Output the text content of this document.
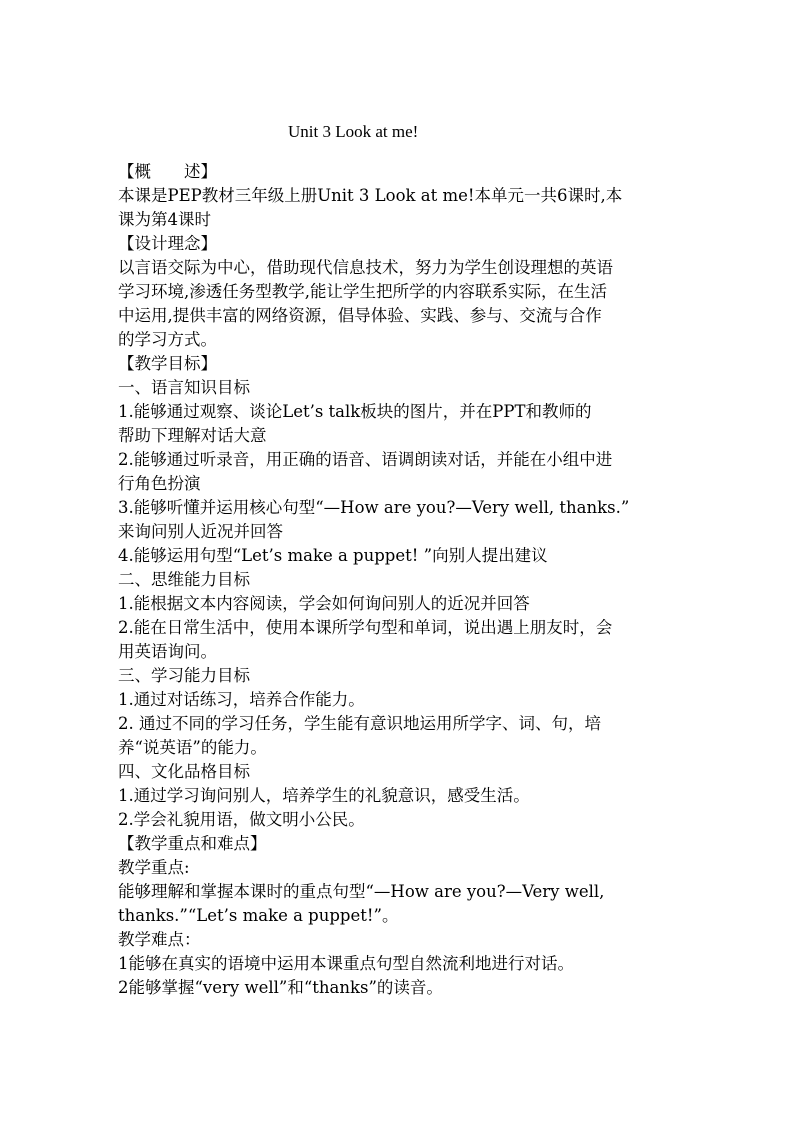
Unit 3 Look at me!

【概　　述】

本课是PEP教材三年级上册Unit 3 Look at me!本单元一共6课时,本

课为第4课时

【设计理念】

以言语交际为中心，借助现代信息技术，努力为学生创设理想的英语

学习环境,渗透任务型教学,能让学生把所学的内容联系实际，在生活

中运用,提供丰富的网络资源，倡导体验、实践、参与、交流与合作

的学习方式。

【教学目标】

一、语言知识目标

1.能够通过观察、谈论Let’s talk板块的图片，并在PPT和教师的

帮助下理解对话大意

2.能够通过听录音，用正确的语音、语调朗读对话，并能在小组中进

行角色扮演

3.能够听懂并运用核心句型“—How are you?—Very well, thanks.”

来询问别人近况并回答

4.能够运用句型“Let’s make a puppet! ”向别人提出建议

二、思维能力目标

1.能根据文本内容阅读，学会如何询问别人的近况并回答

2.能在日常生活中，使用本课所学句型和单词，说出遇上朋友时，会

用英语询问。

三、学习能力目标

1.通过对话练习，培养合作能力。

2. 通过不同的学习任务，学生能有意识地运用所学字、词、句，培

养“说英语”的能力。

四、文化品格目标

1.通过学习询问别人，培养学生的礼貌意识，感受生活。

2.学会礼貌用语，做文明小公民。

【教学重点和难点】

教学重点:

能够理解和掌握本课时的重点句型“—How are you?—Very well,

thanks.”“Let’s make a puppet!”。

教学难点：

1能够在真实的语境中运用本课重点句型自然流利地进行对话。

2能够掌握“very well”和“thanks”的读音。
